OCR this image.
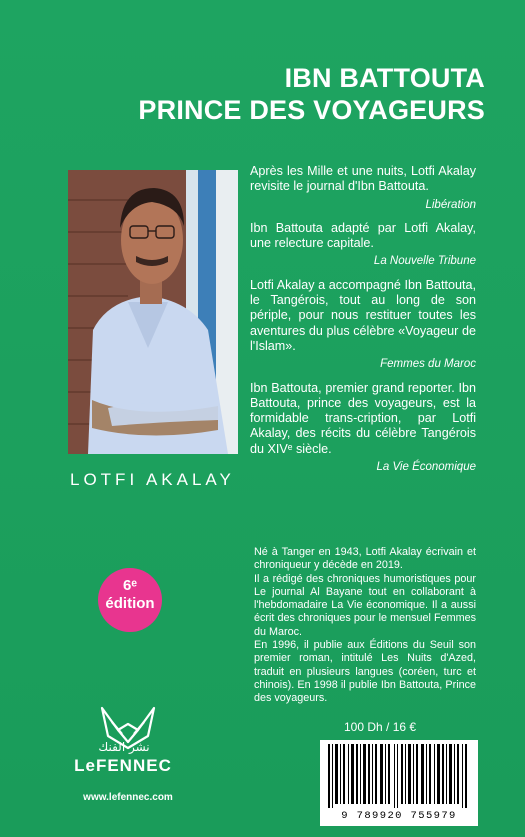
IBN BATTOUTA
PRINCE DES VOYAGEURS
LOTFI AKALAY

Après les Mille et une nuits, Lotfi Akalay revisite le journal d'Ibn Battouta.

Libération

Ibn Battouta adapté par Lotfi Akalay, une relecture capitale.

La Nouvelle Tribune

Lotfi Akalay a accompagné Ibn Battouta, le Tangérois, tout au long de son périple, pour nous restituer toutes les aventures du plus célèbre «Voyageur de l'Islam».

Femmes du Maroc

Ibn Battouta, premier grand reporter. Ibn Battouta, prince des voyageurs, est la formidable trans-cription, par Lotfi Akalay, des récits du célèbre Tangérois du XIVᵉ siècle.

La Vie Économique
6ᵉ
édition

Né à Tanger en 1943, Lotfi Akalay écrivain et chroniqueur y décède en 2019.

Il a rédigé des chroniques humoristiques pour Le journal Al Bayane tout en collaborant à l'hebdomadaire La Vie économique. Il a aussi écrit des chroniques pour le mensuel Femmes du Maroc.

En 1996, il publie aux Éditions du Seuil son premier roman, intitulé Les Nuits d'Azed, traduit en plusieurs langues (coréen, turc et chinois). En 1998 il publie Ibn Battouta, Prince des voyageurs.

نشر الفنك
LeFENNEC
www.lefennec.com
100 Dh / 16 €
9 789920 755979
